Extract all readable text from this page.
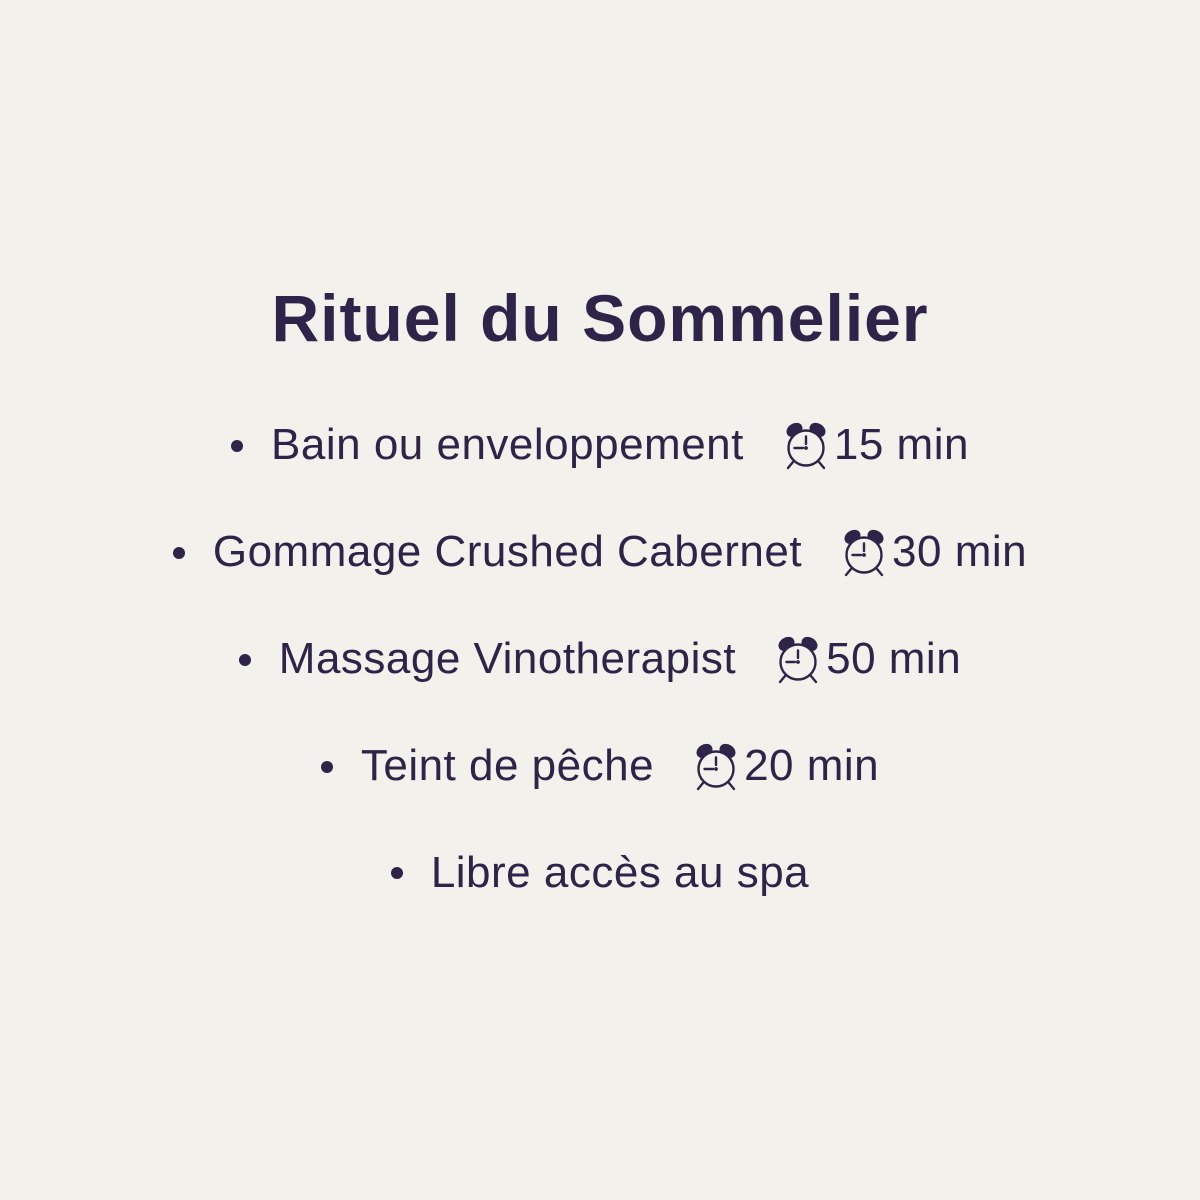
Rituel du Sommelier
Bain ou enveloppement 15 min
Gommage Crushed Cabernet 30 min
Massage Vinotherapist 50 min
Teint de pêche 20 min
Libre accès au spa
